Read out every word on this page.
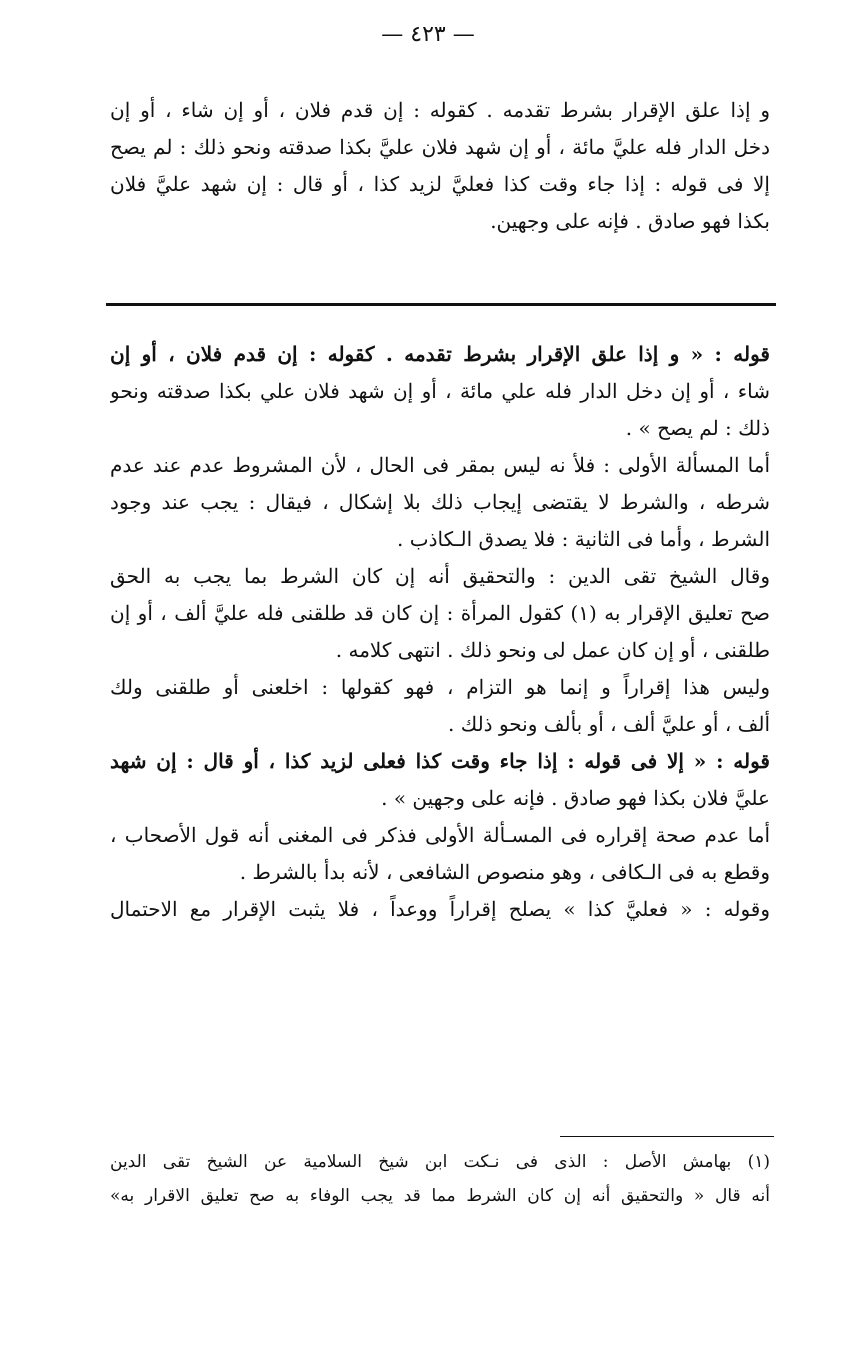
— ٤٢٣ —
و إذا علق الإقرار بشرط تقدمه . كقوله : إن قدم فلان ، أو إن شاء ، أو إن
دخل الدار فله عليَّ مائة ، أو إن شهد فلان عليَّ بكذا صدقته ونحو ذلك : لم يصح
إلا فى قوله : إذا جاء وقت كذا فعليَّ لزيد كذا ، أو قال : إن شهد عليَّ فلان
بكذا فهو صادق . فإنه على وجهين.
قوله : « و إذا علق الإقرار بشرط تقدمه . كقوله : إن قدم فلان ، أو إن
شاء ، أو إن دخل الدار فله علي مائة ، أو إن شهد فلان علي بكذا صدقته ونحو
ذلك : لم يصح » .
أما المسألة الأولى : فلأ نه ليس بمقر فى الحال ، لأن المشروط عدم عند عدم
شرطه ، والشرط لا يقتضى إيجاب ذلك بلا إشكال ، فيقال : يجب عند وجود
الشرط ، وأما فى الثانية : فلا يصدق الـكاذب .
وقال الشيخ تقى الدين : والتحقيق أنه إن كان الشرط بما يجب به الحق
صح تعليق الإقرار به (١) كقول المرأة : إن كان قد طلقنى فله عليَّ ألف ، أو إن
طلقنى ، أو إن كان عمل لى ونحو ذلك . انتهى كلامه .
وليس هذا إقراراً و إنما هو التزام ، فهو كقولها : اخلعنى أو طلقنى ولك
ألف ، أو عليَّ ألف ، أو بألف ونحو ذلك .
قوله : « إلا فى قوله : إذا جاء وقت كذا فعلى لزيد كذا ، أو قال : إن شهد
عليَّ فلان بكذا فهو صادق . فإنه على وجهين » .
أما عدم صحة إقراره فى المسـألة الأولى فذكر فى المغنى أنه قول الأصحاب ،
وقطع به فى الـكافى ، وهو منصوص الشافعى ، لأنه بدأ بالشرط .
وقوله : « فعليَّ كذا » يصلح إقراراً ووعداً ، فلا يثبت الإقرار مع الاحتمال
(١) بهامش الأصل : الذى فى نـكت ابن شيخ السلامية عن الشيخ تقى الدين
أنه قال « والتحقيق أنه إن كان الشرط مما قد يجب الوفاء به صح تعليق الاقرار به»
